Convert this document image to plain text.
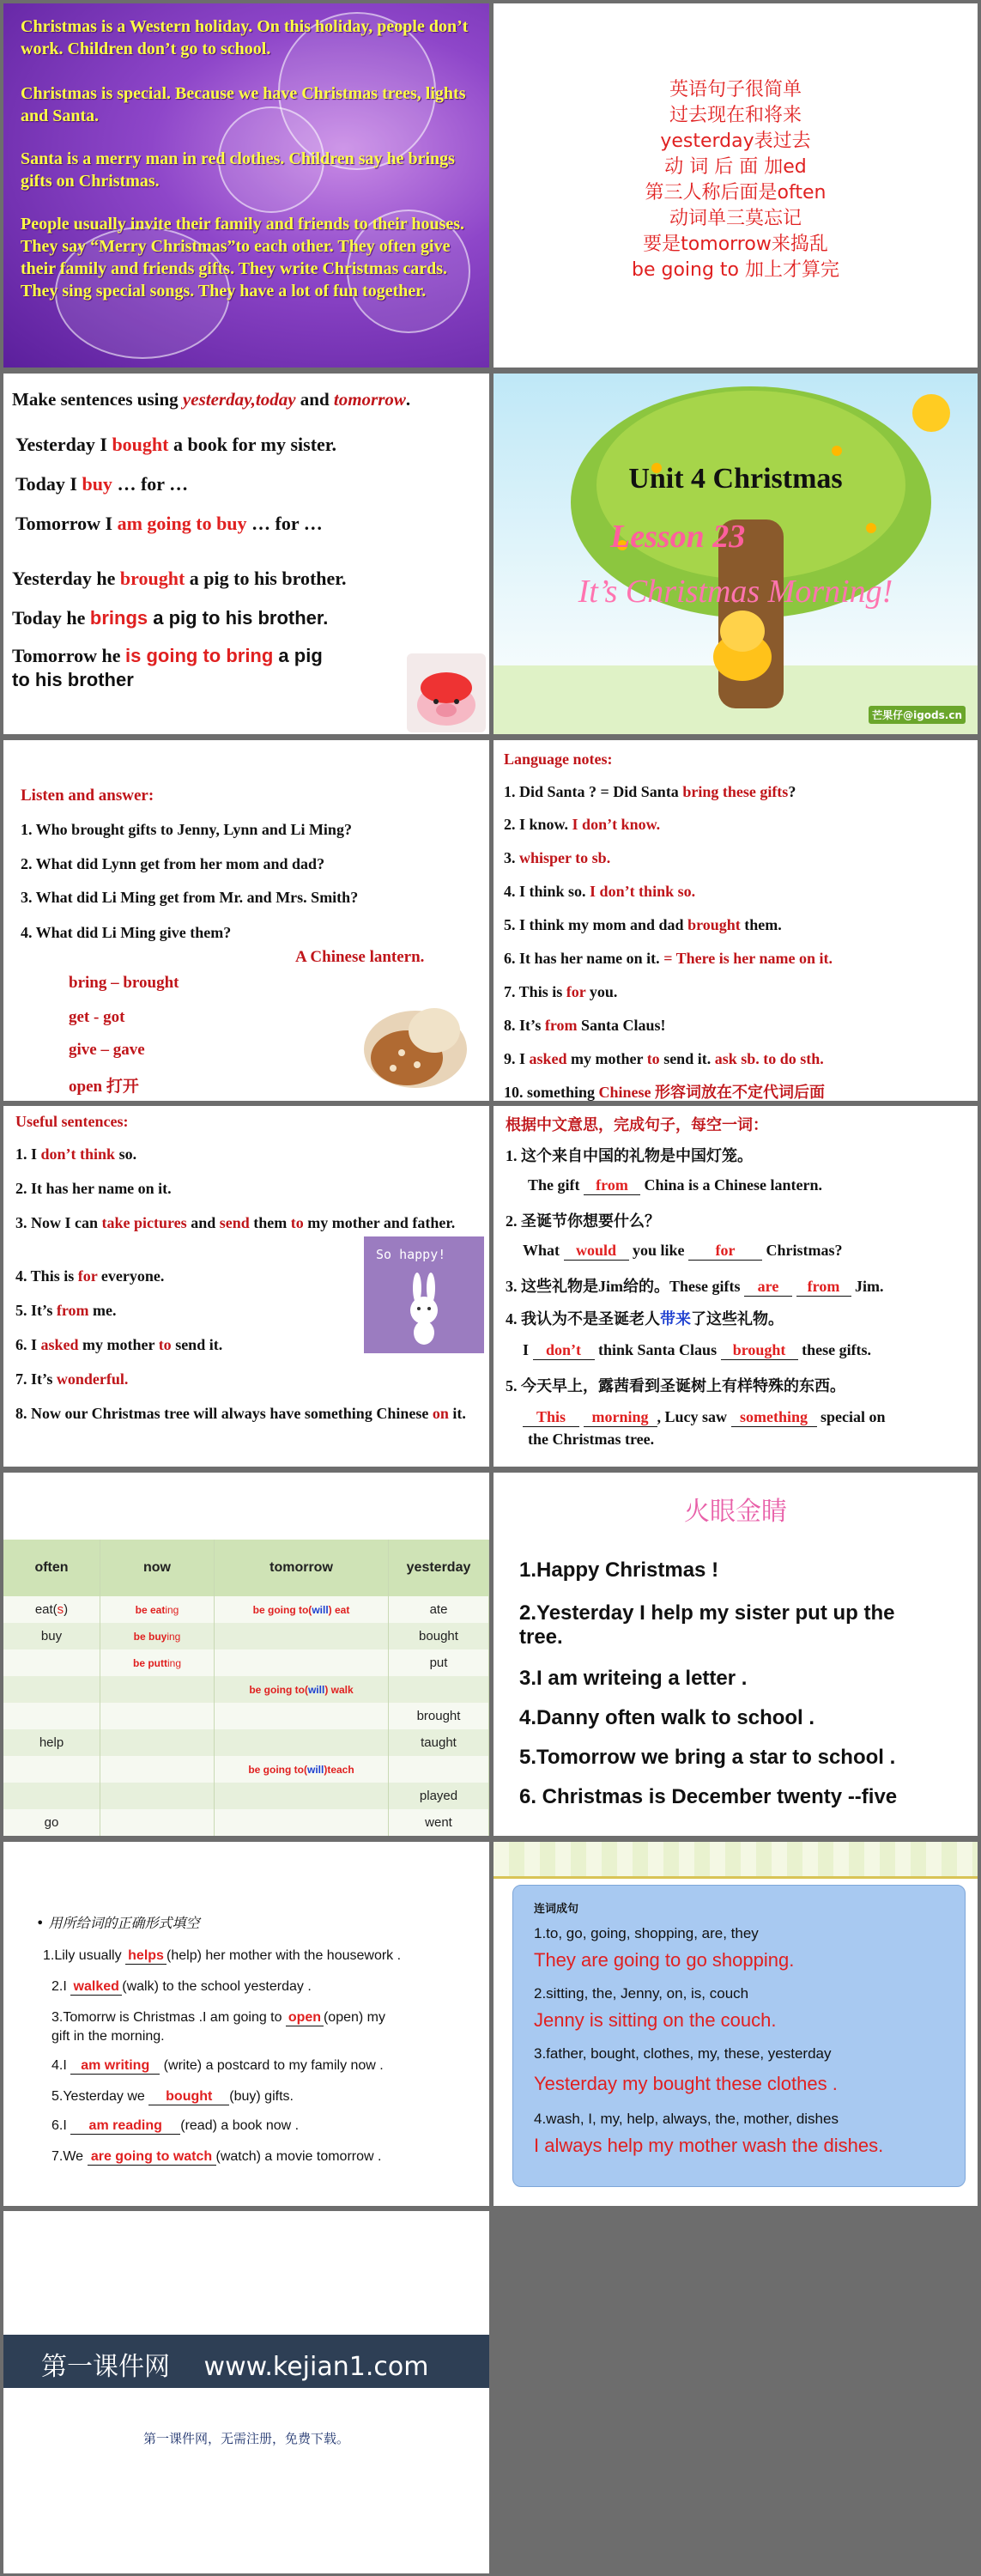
Christmas is a Western holiday. On this holiday, people don’t work. Children don’t go to school.

Christmas is special. Because we have Christmas trees, lights and Santa.

Santa is a merry man in red clothes. Children say he brings gifts on Christmas.

People usually invite their family and friends to their houses. They say “Merry Christmas”to each other. They often give their family and friends gifts. They write Christmas cards. They sing special songs. They have a lot of fun together.

英语句子很简单
过去现在和将来
yesterday表过去
动 词 后 面 加ed
第三人称后面是often
动词单三莫忘记
要是tomorrow来捣乱
be going to 加上才算完
Make sentences using yesterday,today and tomorrow.
Yesterday I bought a book for my sister.
Today I buy … for …
Tomorrow I am going to buy … for …
Yesterday he brought a pig to his brother.
Today he brings a pig to his brother.
Tomorrow he is going to bring a pig
to his brother
Unit 4 Christmas
Lesson 23
It’s Christmas Morning!
芒果仔@igods.cn
Listen and answer:
1. Who brought gifts to Jenny, Lynn and Li Ming?
2. What did Lynn get from her mom and dad?
3. What did Li Ming get from Mr. and Mrs. Smith?
4. What did Li Ming give them?
A Chinese lantern.
bring – brought
get - got
give – gave
open 打开
Language notes:
1. Did Santa ? = Did Santa bring these gifts?
2. I know. I don’t know.
3. whisper to sb.
4. I think so. I don’t think so.
5. I think my mom and dad brought them.
6. It has her name on it. = There is her name on it.
7. This is for you.
8. It’s from Santa Claus!
9. I asked my mother to send it. ask sb. to do sth.
10. something Chinese 形容词放在不定代词后面
Useful sentences:
1. I don’t think so.
2. It has her name on it.
3. Now I can take pictures and send them to my mother and father.
4. This is for everyone.
5. It’s from me.
6. I asked my mother to send it.
7. It’s wonderful.
8. Now our Christmas tree will always have something Chinese on it.
So happy!
根据中文意思，完成句子，每空一词：
1. 这个来自中国的礼物是中国灯笼。
The gift from China is a Chinese lantern.
2. 圣诞节你想要什么？
What would you like for Christmas?
3. 这些礼物是Jim给的。These gifts are from Jim.
4. 我认为不是圣诞老人带来了这些礼物。
I don’t think Santa Claus brought these gifts.
5. 今天早上，露茜看到圣诞树上有样特殊的东西。
This morning , Lucy saw something special on
the Christmas tree.
often	now	tomorrow	yesterday
eat(s)	be eating	be going to(will) eat	ate
buy	be buying		bought
	be putting		put
		be going to(will) walk	
			brought
help			taught
		be going to(will)teach	
			played
go			went
火眼金睛
1.Happy Christmas !
2.Yesterday I help my sister put up the
tree.
3.I am writeing a letter .
4.Danny often walk to school .
5.Tomorrow we bring a star to school .
6. Christmas is December twenty --five
• 用所给词的正确形式填空
1.Lily usually helps (help) her mother with the housework .
2.I walked (walk) to the school yesterday .
3.Tomorrw is Christmas .I am going to open (open) my
gift in the morning.
4.I am writing (write) a postcard to my family now .
5.Yesterday we bought (buy) gifts.
6.I am reading (read) a book now .
7.We are going to watch (watch) a movie tomorrow .
连词成句
1.to, go, going, shopping, are, they
They are going to go shopping.
2.sitting, the, Jenny, on, is, couch
Jenny is sitting on the couch.
3.father, bought, clothes, my, these, yesterday
Yesterday my bought these clothes .
4.wash, I, my, help, always, the, mother, dishes
I always help my mother wash the dishes.
第一课件网　 www.kejian1.com
第一课件网，无需注册，免费下载。
